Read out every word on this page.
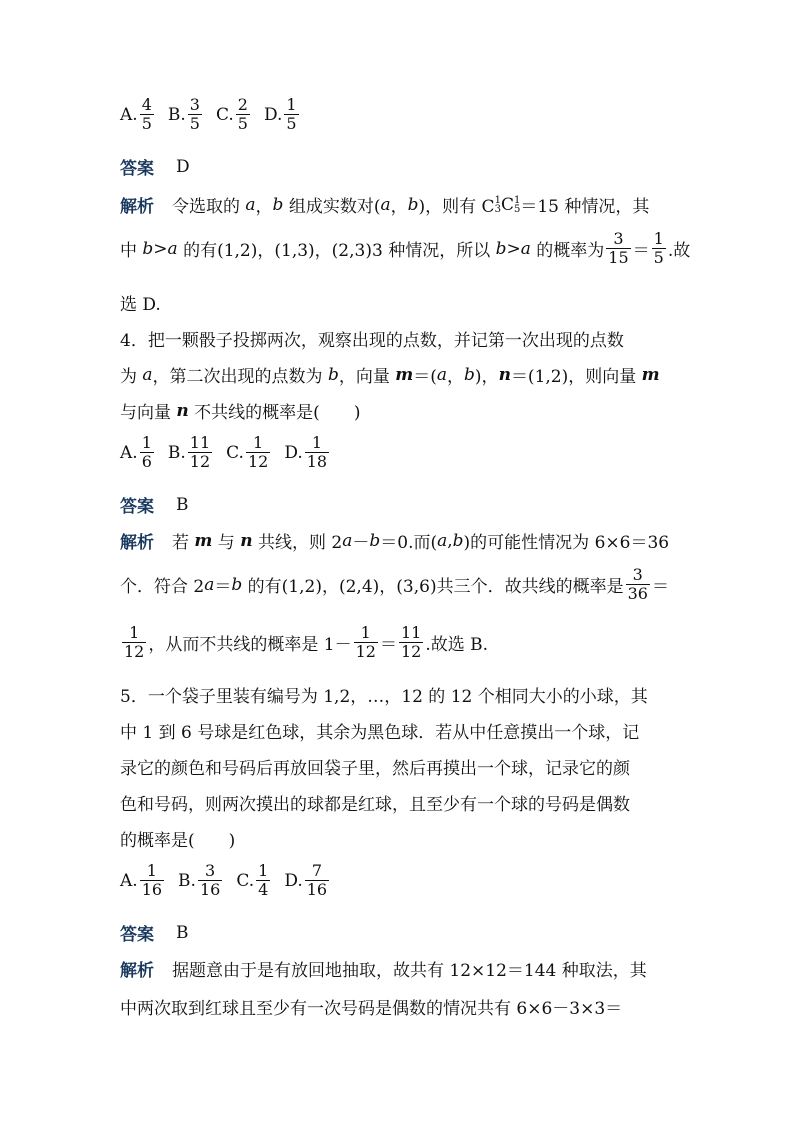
A. $\frac{4}{5} B$. $\frac{3}{5} C$. $\frac{2}{5} D$. $\frac{1}{5}$
答案 D
解析 令选取的 a ， b 组成实数对( a ， b )，则有 C 1
3 C 1
5 ＝15 种情况，其
中 b>a 的有(1,2)，(1,3)，(2,3)3 种情况，所以 b>a 的概率为 $\frac{3}{15} = \frac{1}{5}$ .故
选 D.
4．把一颗骰子投掷两次，观察出现的点数，并记第一次出现的点数
为 a ，第二次出现的点数为 b ，向量 m ＝( a ， b )， n ＝(1,2)，则向量 m
与向量 n 不共线的概率是(　　)
A. $\frac{1}{6} B$. $\frac{11}{12} C$. $\frac{1}{12} D$. $\frac{1}{18}$
答案 B
解析 若 m 与 n 共线，则 2 a － b ＝0.而( a , b )的可能性情况为 6×6＝36
个．符合 2 a ＝ b 的有(1,2)，(2,4)，(3,6)共三个．故共线的概率是 $\frac{3}{36}$ ＝
$\frac{1}{12}$ ，从而不共线的概率是 $1- \frac{1}{12} = \frac{11}{12}$ .故选 B.
5．一个袋子里装有编号为 1,2，…，12 的 12 个相同大小的小球，其
中 1 到 6 号球是红色球，其余为黑色球．若从中任意摸出一个球，记
录它的颜色和号码后再放回袋子里，然后再摸出一个球，记录它的颜
色和号码，则两次摸出的球都是红球，且至少有一个球的号码是偶数
的概率是(　　)
A. $\frac{1}{16} B$. $\frac{3}{16} C$. $\frac{1}{4} D$. $\frac{7}{16}$
答案 B
解析 据题意由于是有放回地抽取，故共有 12×12＝144 种取法，其
中两次取到红球且至少有一次号码是偶数的情况共有 6×6－3×3＝
